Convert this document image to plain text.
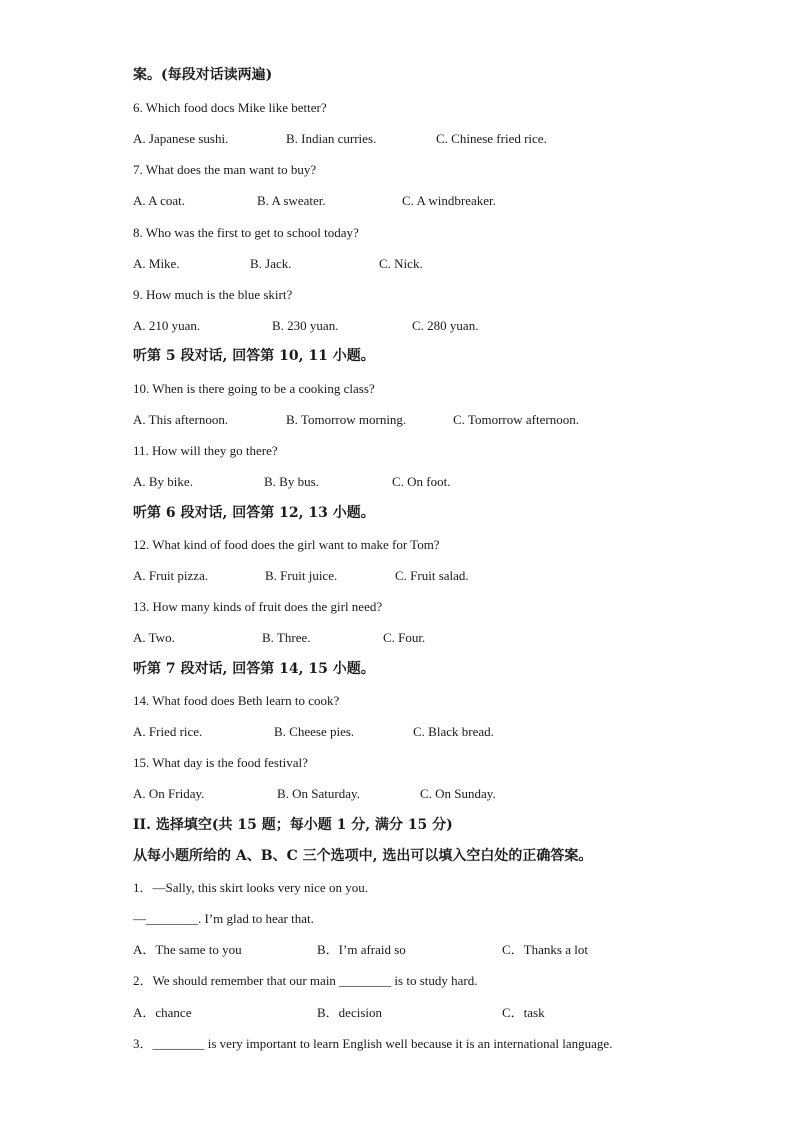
案。(每段对话读两遍)
6. Which food docs Mike like better?
A. Japanese sushi.	B. Indian curries.	C. Chinese fried rice.
7. What does the man want to buy?
A. A coat.	B. A sweater.	C. A windbreaker.
8. Who was the first to get to school today?
A. Mike.	B. Jack.	C. Nick.
9. How much is the blue skirt?
A. 210 yuan.	B. 230 yuan.	C. 280 yuan.
听第 5 段对话, 回答第 10, 11 小题。
10. When is there going to be a cooking class?
A. This afternoon.	B. Tomorrow morning.	C. Tomorrow afternoon.
11. How will they go there?
A. By bike.	B. By bus.	C. On foot.
听第 6 段对话, 回答第 12, 13 小题。
12. What kind of food does the girl want to make for Tom?
A. Fruit pizza.	B. Fruit juice.	C. Fruit salad.
13. How many kinds of fruit does the girl need?
A. Two.	B. Three.	C. Four.
听第 7 段对话, 回答第 14, 15 小题。
14. What food does Beth learn to cook?
A. Fried rice.	B. Cheese pies.	C. Black bread.
15. What day is the food festival?
A. On Friday.	B. On Saturday.	C. On Sunday.
II. 选择填空(共 15 题；每小题 1 分, 满分 15 分)
从每小题所给的 A、B、C 三个选项中, 选出可以填入空白处的正确答案。
1．—Sally, this skirt looks very nice on you.
—________. I’m glad to hear that.
A．The same to you	B．I’m afraid so	C．Thanks a lot
2．We should remember that our main ________ is to study hard.
A．chance	B．decision	C．task
3．________ is very important to learn English well because it is an international language.
